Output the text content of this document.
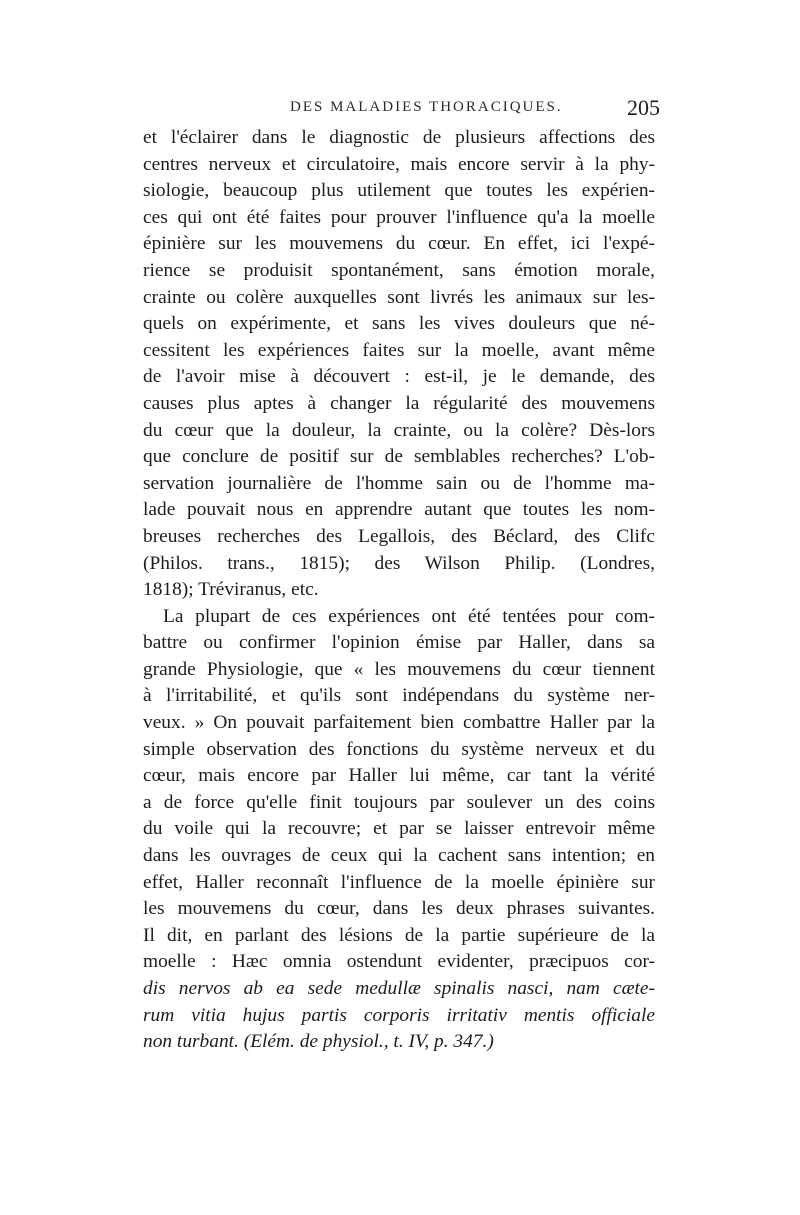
DES MALADIES THORACIQUES.	205
et l'éclairer dans le diagnostic de plusieurs affections des
centres nerveux et circulatoire, mais encore servir à la phy-
siologie, beaucoup plus utilement que toutes les expérien-
ces qui ont été faites pour prouver l'influence qu'a la moelle
épinière sur les mouvemens du cœur. En effet, ici l'expé-
rience se produisit spontanément, sans émotion morale,
crainte ou colère auxquelles sont livrés les animaux sur les-
quels on expérimente, et sans les vives douleurs que né-
cessitent les expériences faites sur la moelle, avant même
de l'avoir mise à découvert : est-il, je le demande, des
causes plus aptes à changer la régularité des mouvemens
du cœur que la douleur, la crainte, ou la colère? Dès-lors
que conclure de positif sur de semblables recherches? L'ob-
servation journalière de l'homme sain ou de l'homme ma-
lade pouvait nous en apprendre autant que toutes les nom-
breuses recherches des Legallois, des Béclard, des Clifc
(Philos. trans., 1815); des Wilson Philip. (Londres,
1818); Tréviranus, etc.
La plupart de ces expériences ont été tentées pour com-
battre ou confirmer l'opinion émise par Haller, dans sa
grande Physiologie, que « les mouvemens du cœur tiennent
à l'irritabilité, et qu'ils sont indépendans du système ner-
veux. » On pouvait parfaitement bien combattre Haller par la
simple observation des fonctions du système nerveux et du
cœur, mais encore par Haller lui même, car tant la vérité
a de force qu'elle finit toujours par soulever un des coins
du voile qui la recouvre; et par se laisser entrevoir même
dans les ouvrages de ceux qui la cachent sans intention; en
effet, Haller reconnaît l'influence de la moelle épinière sur
les mouvemens du cœur, dans les deux phrases suivantes.
Il dit, en parlant des lésions de la partie supérieure de la
moelle : Hæc omnia ostendunt evidenter, præcipuos cor-
dis nervos ab ea sede medullæ spinalis nasci, nam cæte-
rum vitia hujus partis corporis irritativ mentis officiale
non turbant. (Elém. de physiol., t. IV, p. 347.)
